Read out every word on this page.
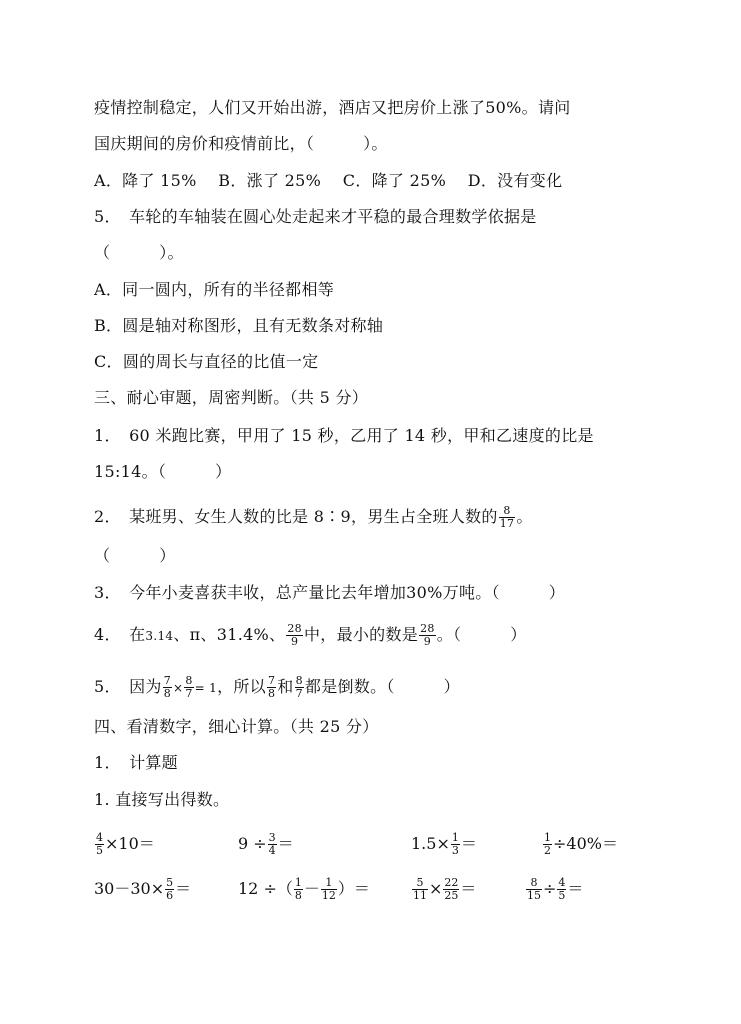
疫情控制稳定，人们又开始出游，酒店又把房价上涨了50%。请问
国庆期间的房价和疫情前比，（　　　）。
A．降了 15%　 B．涨了 25%　 C．降了 25%　 D．没有变化
5．　车轮的车轴装在圆心处走起来才平稳的最合理数学依据是
（　　　）。
A．同一圆内，所有的半径都相等
B．圆是轴对称图形，且有无数条对称轴
C．圆的周长与直径的比值一定
三、耐心审题，周密判断。（共 5 分）
1．　60 米跑比赛，甲用了 15 秒，乙用了 14 秒，甲和乙速度的比是
15:14。（　　　）
2．　某班男、女生人数的比是 8∶9，男生占全班人数的 $\frac{8}{17}$ 。
（　　　）
3．　今年小麦喜获丰收，总产量比去年增加30%万吨。（　　　）
4．　在3.14、π、31.4%、 $\frac{28}{9}$ 中，最小的数是 $\frac{28}{9}$ 。（　　　）
5．　因为 $\frac{7}{8} \times \frac{8}{7} = 1$，所以 $\frac{7}{8}$ 和 $\frac{8}{7}$ 都是倒数。（　　　）
四、看清数字，细心计算。（共 25 分）
1．　计算题
1. 直接写出得数。
$\frac{4}{5} \times 10=$	$9 \div \frac{3}{4}$ ＝	$1.5\times \frac{1}{3}$ ＝	$\frac{1}{2} \div 40\%=$
$30-30\times \frac{5}{6}$ ＝	12 ÷（ $\frac{1}{8} - \frac{1}{12}$ ）＝	$\frac{5}{11} \times \frac{22}{25}$ ＝	$\frac{8}{15} \div \frac{4}{5}$ ＝
